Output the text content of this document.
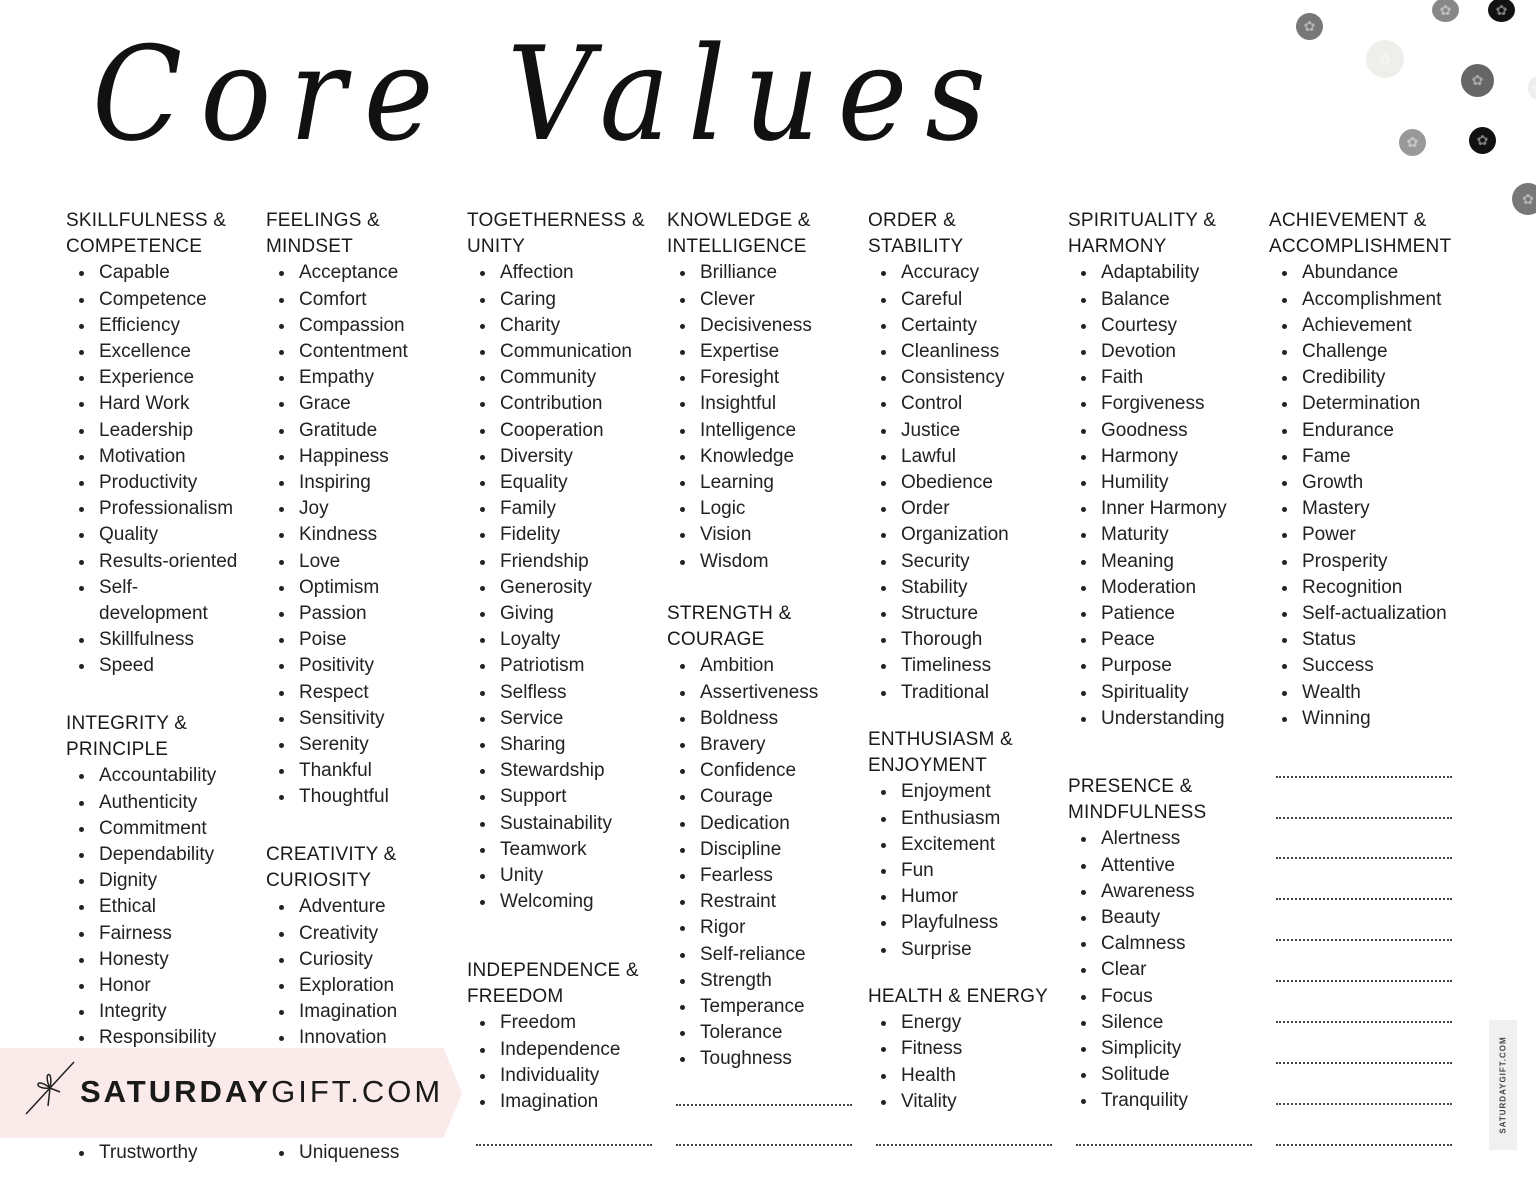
Core Values
✿
✿
✿
✿
✿
✿
✿
✿
✿
SKILLFULNESS &
COMPETENCE
Capable
Competence
Efficiency
Excellence
Experience
Hard Work
Leadership
Motivation
Productivity
Professionalism
Quality
Results-oriented
Self-development
Skillfulness
Speed
INTEGRITY &
PRINCIPLE
Accountability
Authenticity
Commitment
Dependability
Dignity
Ethical
Fairness
Honesty
Honor
Integrity
Responsibility
FEELINGS &
MINDSET
Acceptance
Comfort
Compassion
Contentment
Empathy
Grace
Gratitude
Happiness
Inspiring
Joy
Kindness
Love
Optimism
Passion
Poise
Positivity
Respect
Sensitivity
Serenity
Thankful
Thoughtful
CREATIVITY &
CURIOSITY
Adventure
Creativity
Curiosity
Exploration
Imagination
Innovation
TOGETHERNESS &
UNITY
Affection
Caring
Charity
Communication
Community
Contribution
Cooperation
Diversity
Equality
Family
Fidelity
Friendship
Generosity
Giving
Loyalty
Patriotism
Selfless
Service
Sharing
Stewardship
Support
Sustainability
Teamwork
Unity
Welcoming
INDEPENDENCE &
FREEDOM
Freedom
Independence
Individuality
Imagination
KNOWLEDGE &
INTELLIGENCE
Brilliance
Clever
Decisiveness
Expertise
Foresight
Insightful
Intelligence
Knowledge
Learning
Logic
Vision
Wisdom
STRENGTH &
COURAGE
Ambition
Assertiveness
Boldness
Bravery
Confidence
Courage
Dedication
Discipline
Fearless
Restraint
Rigor
Self-reliance
Strength
Temperance
Tolerance
Toughness
ORDER &
STABILITY
Accuracy
Careful
Certainty
Cleanliness
Consistency
Control
Justice
Lawful
Obedience
Order
Organization
Security
Stability
Structure
Thorough
Timeliness
Traditional
ENTHUSIASM &
ENJOYMENT
Enjoyment
Enthusiasm
Excitement
Fun
Humor
Playfulness
Surprise
HEALTH & ENERGY
Energy
Fitness
Health
Vitality
SPIRITUALITY &
HARMONY
Adaptability
Balance
Courtesy
Devotion
Faith
Forgiveness
Goodness
Harmony
Humility
Inner Harmony
Maturity
Meaning
Moderation
Patience
Peace
Purpose
Spirituality
Understanding
PRESENCE &
MINDFULNESS
Alertness
Attentive
Awareness
Beauty
Calmness
Clear
Focus
Silence
Simplicity
Solitude
Tranquility
ACHIEVEMENT &
ACCOMPLISHMENT
Abundance
Accomplishment
Achievement
Challenge
Credibility
Determination
Endurance
Fame
Growth
Mastery
Power
Prosperity
Recognition
Self-actualization
Status
Success
Wealth
Winning
SATURDAYGIFT.COM	SATURDAYGIFT.COM
Trustworthy	Uniqueness
